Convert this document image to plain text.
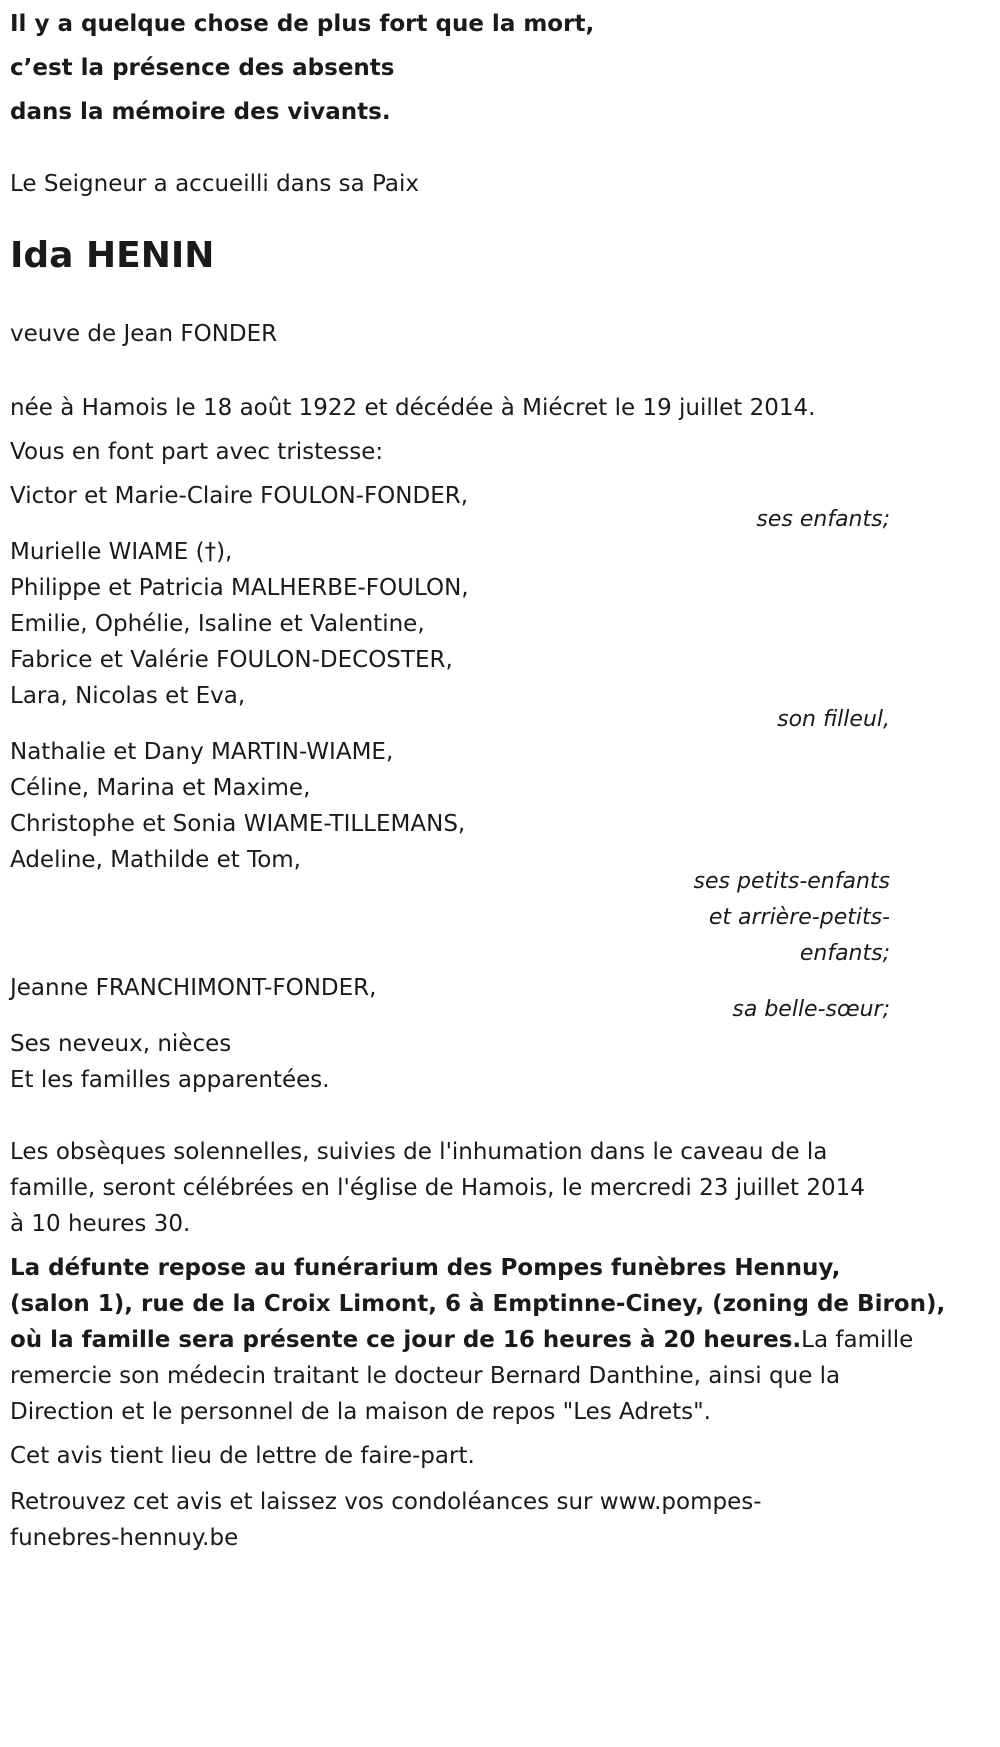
Il y a quelque chose de plus fort que la mort,
c’est la présence des absents
dans la mémoire des vivants.
Le Seigneur a accueilli dans sa Paix
Ida HENIN
veuve de Jean FONDER
née à Hamois le 18 août 1922 et décédée à Miécret le 19 juillet 2014.
Vous en font part avec tristesse:
Victor et Marie-Claire FOULON-FONDER,
ses enfants;
Murielle WIAME (†),
Philippe et Patricia MALHERBE-FOULON,
Emilie, Ophélie, Isaline et Valentine,
Fabrice et Valérie FOULON-DECOSTER,
Lara, Nicolas et Eva,
son filleul,
Nathalie et Dany MARTIN-WIAME,
Céline, Marina et Maxime,
Christophe et Sonia WIAME-TILLEMANS,
Adeline, Mathilde et Tom,
ses petits-enfants
et arrière-petits-
enfants;
Jeanne FRANCHIMONT-FONDER,
sa belle-sœur;
Ses neveux, nièces
Et les familles apparentées.
Les obsèques solennelles, suivies de l'inhumation dans le caveau de la
famille, seront célébrées en l'église de Hamois, le mercredi 23 juillet 2014
à 10 heures 30.
La défunte repose au funérarium des Pompes funèbres Hennuy,
(salon 1), rue de la Croix Limont, 6 à Emptinne-Ciney, (zoning de Biron),
où la famille sera présente ce jour de 16 heures à 20 heures.La famille
remercie son médecin traitant le docteur Bernard Danthine, ainsi que la
Direction et le personnel de la maison de repos "Les Adrets".
Cet avis tient lieu de lettre de faire-part.
Retrouvez cet avis et laissez vos condoléances sur www.pompes-
funebres-hennuy.be
